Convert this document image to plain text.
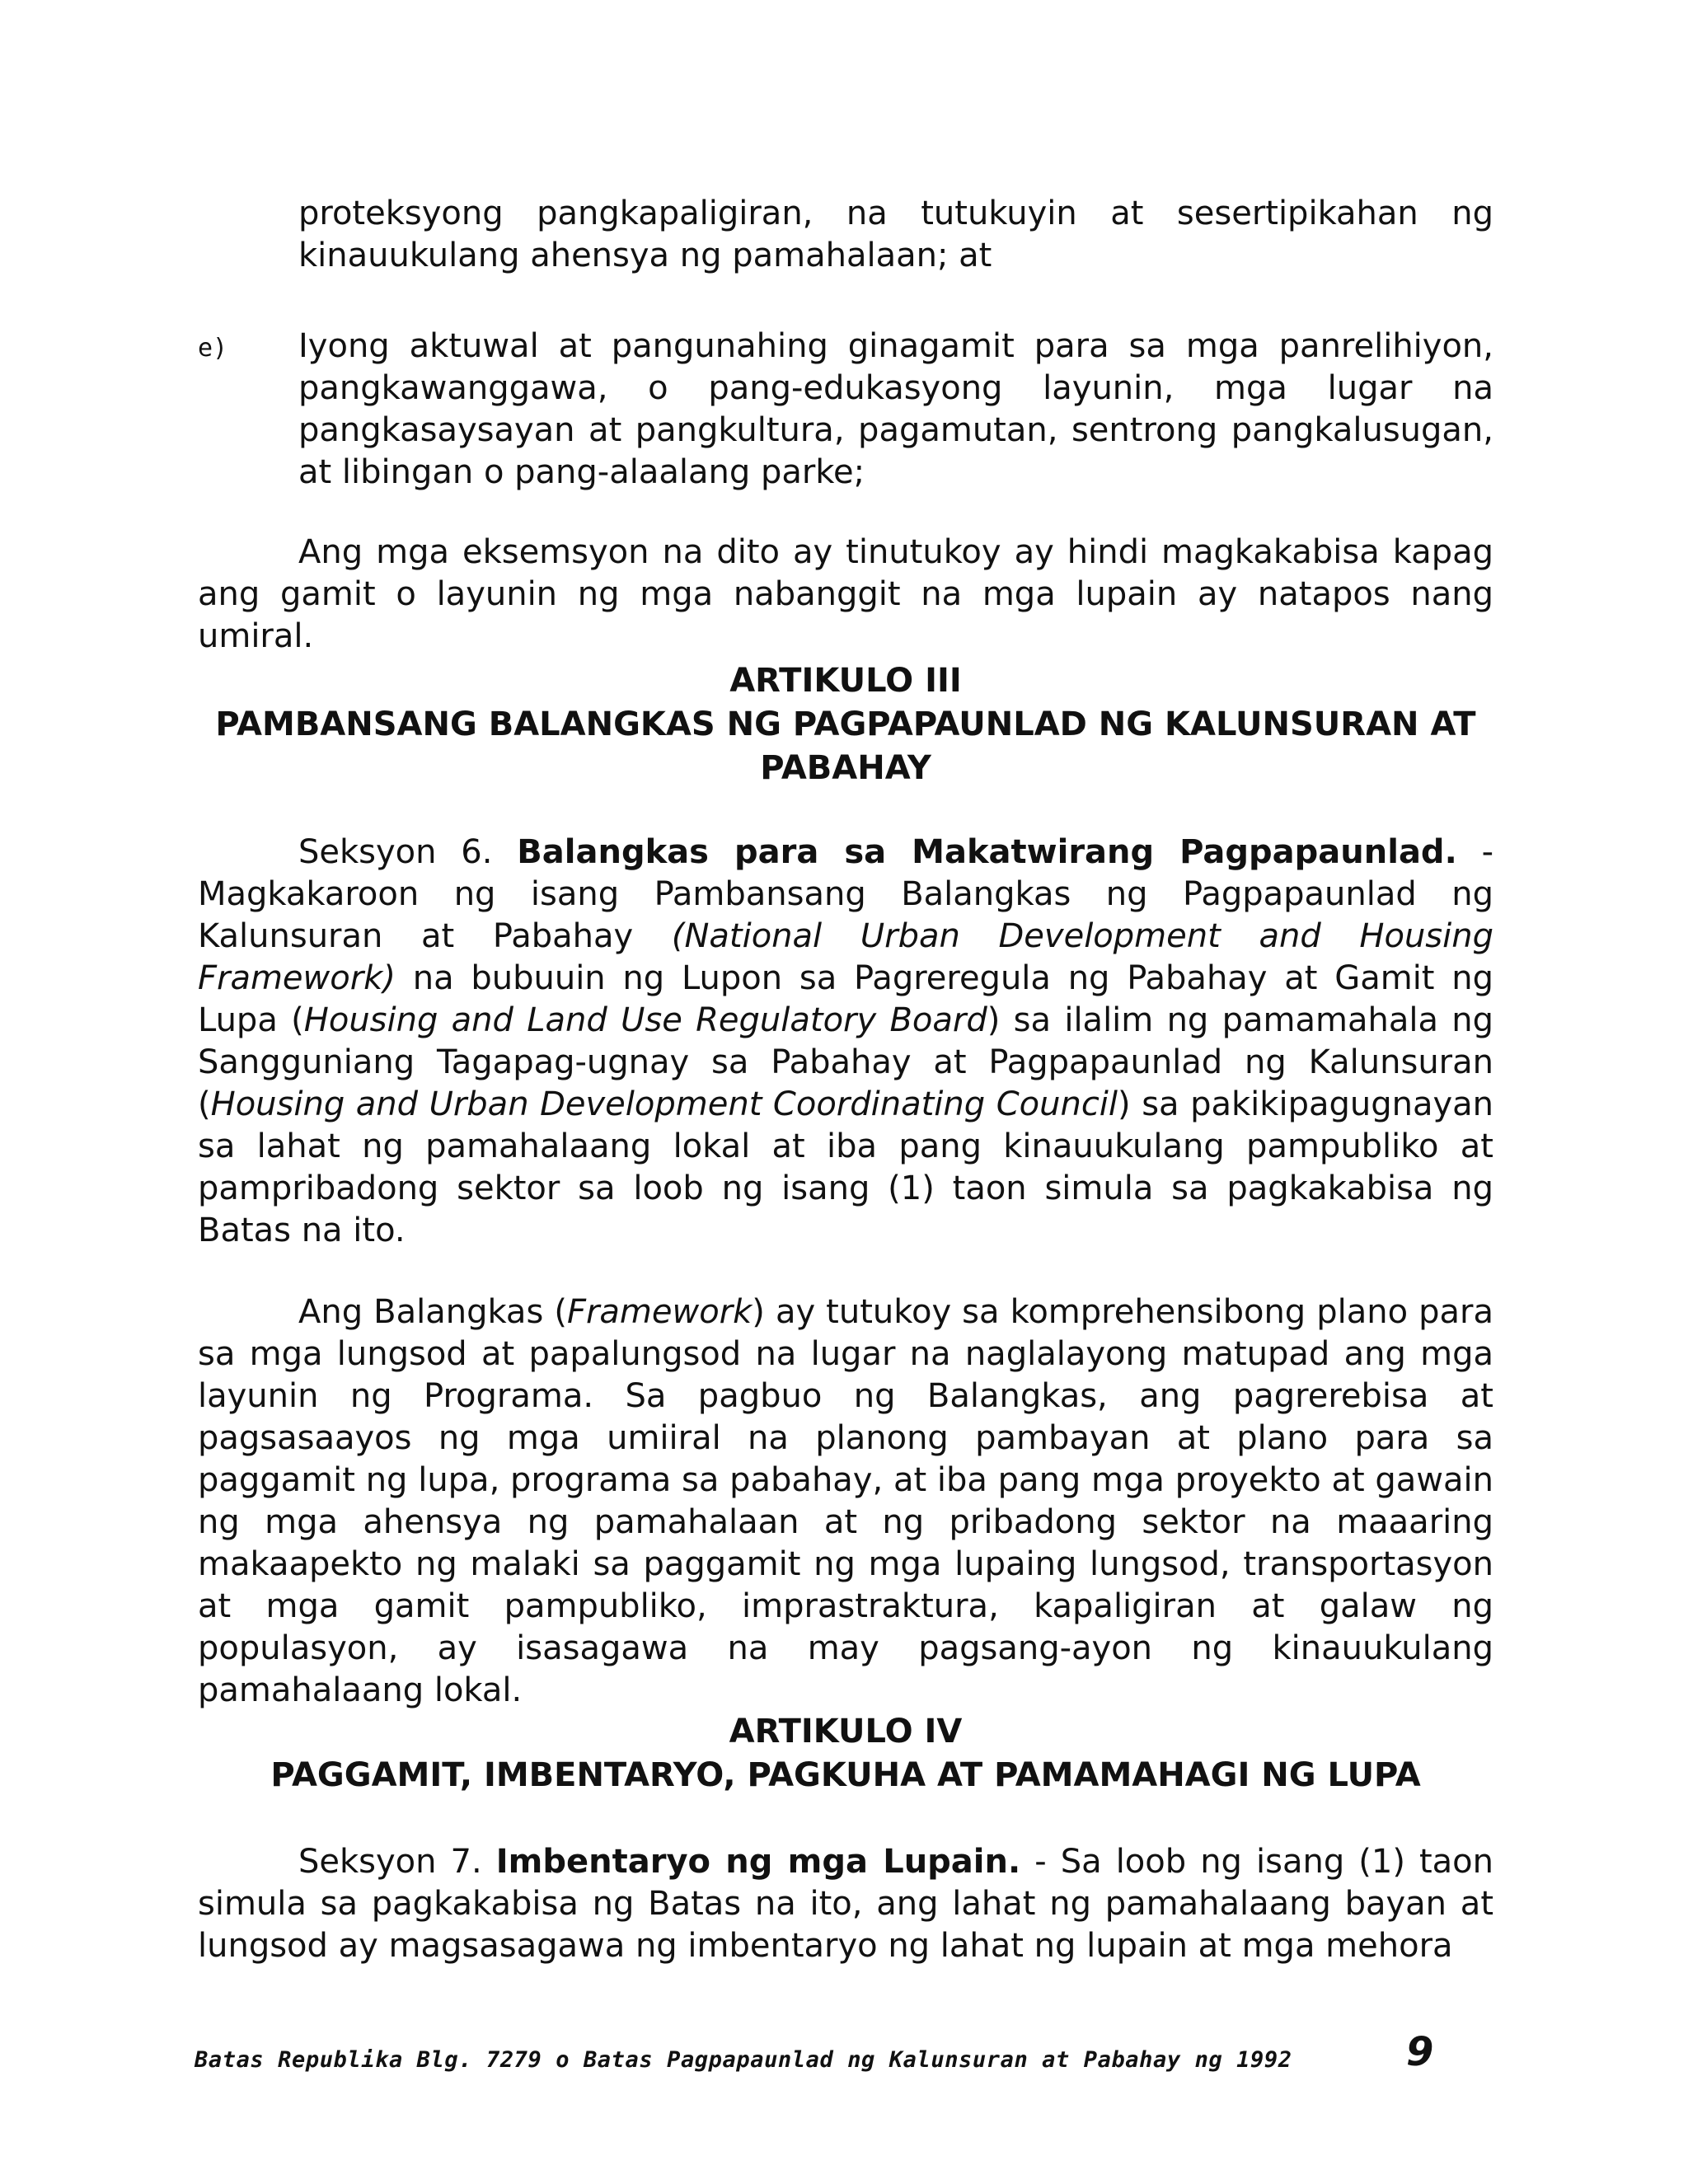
proteksyong pangkapaligiran, na tutukuyin at sesertipikahan ng kinauukulang ahensya ng pamahalaan; at
e) Iyong aktuwal at pangunahing ginagamit para sa mga panrelihiyon, pangkawanggawa, o pang-edukasyong layunin, mga lugar na pangkasaysayan at pangkultura, pagamutan, sentrong pangkalusugan, at libingan o pang-alaalang parke;
Ang mga eksemsyon na dito ay tinutukoy ay hindi magkakabisa kapag ang gamit o layunin ng mga nabanggit na mga lupain ay natapos nang umiral.
ARTIKULO III
PAMBANSANG BALANGKAS NG PAGPAPAUNLAD NG KALUNSURAN AT PABAHAY
Seksyon 6. Balangkas para sa Makatwirang Pagpapaunlad. - Magkakaroon ng isang Pambansang Balangkas ng Pagpapaunlad ng Kalunsuran at Pabahay (National Urban Development and Housing Framework) na bubuuin ng Lupon sa Pagreregula ng Pabahay at Gamit ng Lupa (Housing and Land Use Regulatory Board) sa ilalim ng pamamahala ng Sangguniang Tagapag-ugnay sa Pabahay at Pagpapaunlad ng Kalunsuran (Housing and Urban Development Coordinating Council) sa pakikipagugnayan sa lahat ng pamahalaang lokal at iba pang kinauukulang pampubliko at pampribadong sektor sa loob ng isang (1) taon simula sa pagkakabisa ng Batas na ito.
Ang Balangkas (Framework) ay tutukoy sa komprehensibong plano para sa mga lungsod at papalungsod na lugar na naglalayong matupad ang mga layunin ng Programa. Sa pagbuo ng Balangkas, ang pagrerebisa at pagsasaayos ng mga umiiral na planong pambayan at plano para sa paggamit ng lupa, programa sa pabahay, at iba pang mga proyekto at gawain ng mga ahensya ng pamahalaan at ng pribadong sektor na maaaring makaapekto ng malaki sa paggamit ng mga lupaing lungsod, transportasyon at mga gamit pampubliko, imprastraktura, kapaligiran at galaw ng populasyon, ay isasagawa na may pagsang-ayon ng kinauukulang pamahalaang lokal.
ARTIKULO IV
PAGGAMIT, IMBENTARYO, PAGKUHA AT PAMAMAHAGI NG LUPA
Seksyon 7. Imbentaryo ng mga Lupain. - Sa loob ng isang (1) taon simula sa pagkakabisa ng Batas na ito, ang lahat ng pamahalaang bayan at lungsod ay magsasagawa ng imbentaryo ng lahat ng lupain at mga mehora
Batas Republika Blg. 7279 o Batas Pagpapaunlad ng Kalunsuran at Pabahay ng 1992	9
